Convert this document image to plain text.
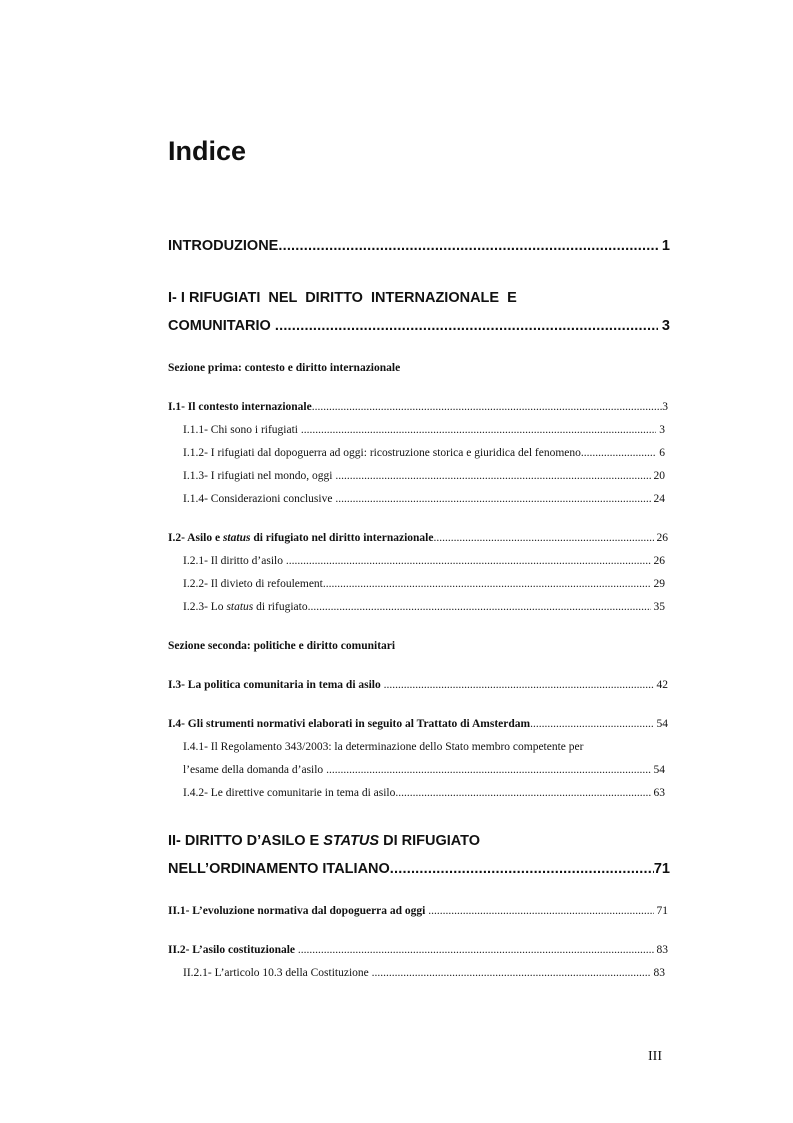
Indice
INTRODUZIONE .....	1
I- I RIFUGIATI  NEL  DIRITTO  INTERNAZIONALE  E
COMUNITARIO .....	3
Sezione prima: contesto e diritto internazionale
I.1- Il contesto internazionale .....	3
I.1.1- Chi sono i rifugiati .....	3
I.1.2- I rifugiati dal dopoguerra ad oggi: ricostruzione storica e giuridica del fenomeno .....	6
I.1.3- I rifugiati nel mondo, oggi .....	20
I.1.4- Considerazioni conclusive .....	24
I.2- Asilo e status di rifugiato nel diritto internazionale .....	26
I.2.1- Il diritto d’asilo .....	26
I.2.2- Il divieto di refoulement .....	29
I.2.3- Lo status di rifugiato .....	35
Sezione seconda: politiche e diritto comunitari
I.3- La politica comunitaria in tema di asilo .....	42
I.4- Gli strumenti normativi elaborati in seguito al Trattato di Amsterdam .....	54
I.4.1- Il Regolamento 343/2003: la determinazione dello Stato membro competente per
l’esame della domanda d’asilo .....	54
I.4.2- Le direttive comunitarie in tema di asilo .....	63
II- DIRITTO D’ASILO E STATUS DI RIFUGIATO
NELL’ORDINAMENTO ITALIANO .....	71
II.1- L’evoluzione normativa dal dopoguerra ad oggi .....	71
II.2- L’asilo costituzionale .....	83
II.2.1- L’articolo 10.3 della Costituzione .....	83
III
